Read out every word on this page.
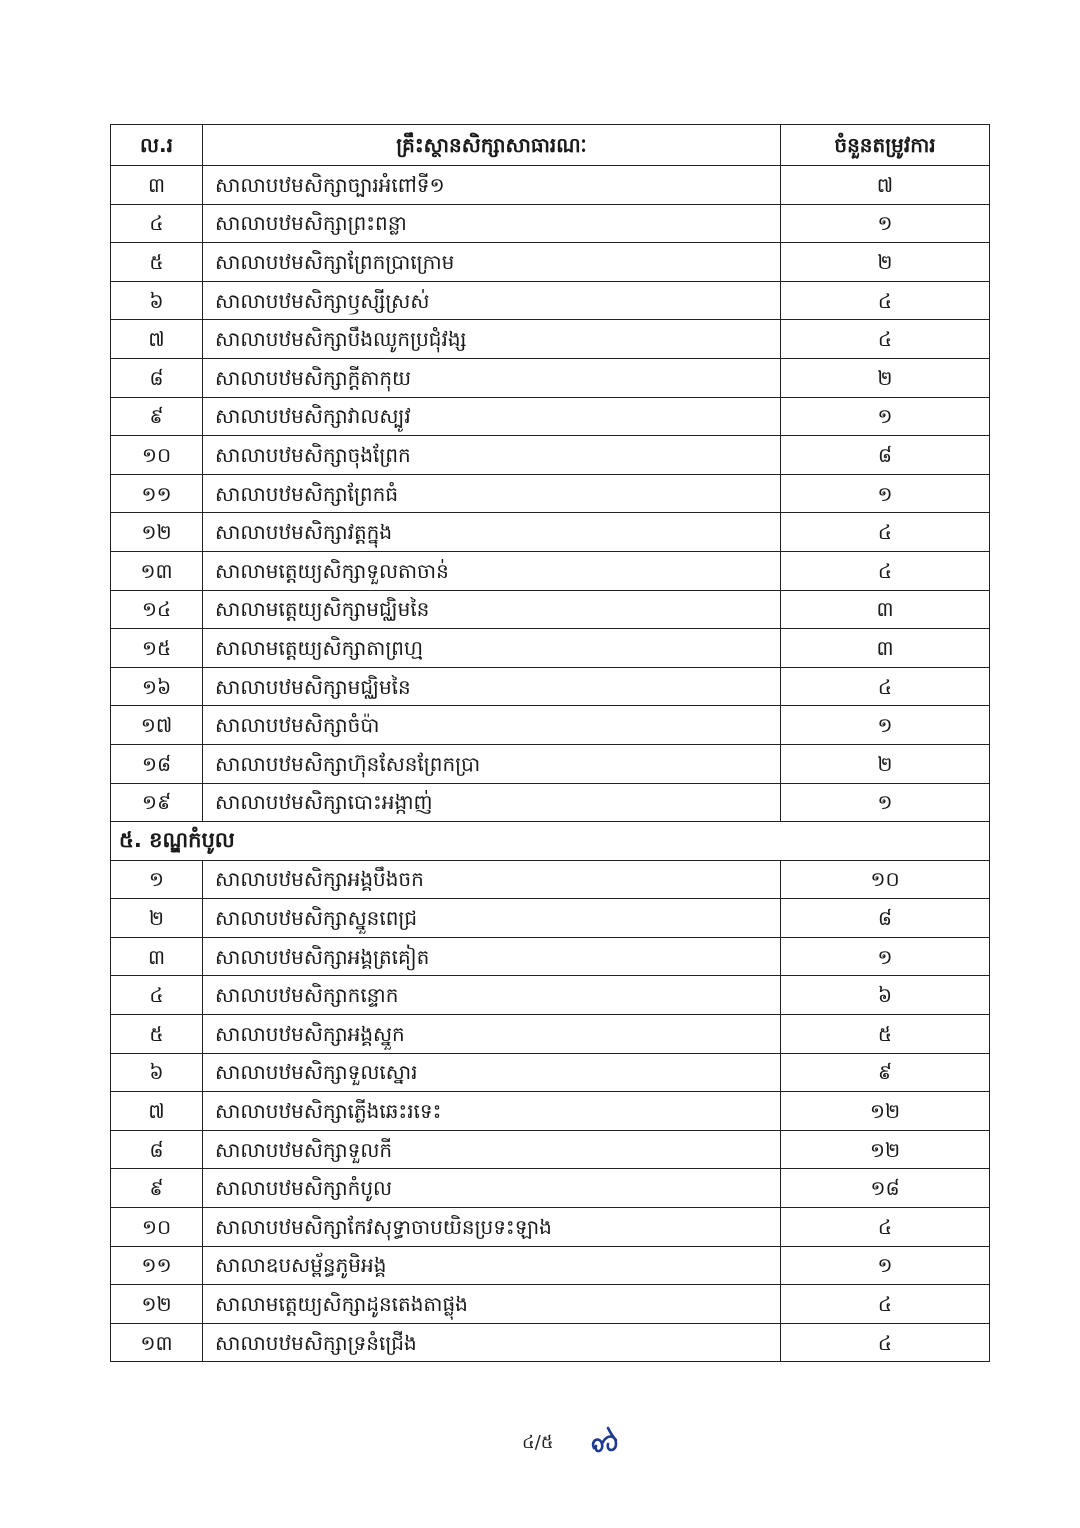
ល.រ	គ្រឹះស្ថានសិក្សាសាធារណៈ	ចំនួនតម្រូវការ
៣	សាលាបឋមសិក្សាច្បារអំពៅទី១	៧
៤	សាលាបឋមសិក្សាព្រះពន្លា	១
៥	សាលាបឋមសិក្សាព្រែកប្រាក្រោម	២
៦	សាលាបឋមសិក្សាឫស្សីស្រស់	៤
៧	សាលាបឋមសិក្សាបឹងឈូកប្រជុំវង្ស	៤
៨	សាលាបឋមសិក្សាក្តីតាកុយ	២
៩	សាលាបឋមសិក្សាវាលស្បូវ	១
១០	សាលាបឋមសិក្សាចុងព្រែក	៨
១១	សាលាបឋមសិក្សាព្រែកធំ	១
១២	សាលាបឋមសិក្សាវត្តក្នុង	៤
១៣	សាលាមត្តេយ្យសិក្សាទួលតាចាន់	៤
១៤	សាលាមត្តេយ្យសិក្សាមជ្ឈិមនៃ	៣
១៥	សាលាមត្តេយ្យសិក្សាតាព្រហ្ម	៣
១៦	សាលាបឋមសិក្សាមជ្ឈិមនៃ	៤
១៧	សាលាបឋមសិក្សាចំប៉ា	១
១៨	សាលាបឋមសិក្សាហ៊ុនសែនព្រែកប្រា	២
១៩	សាលាបឋមសិក្សាបោះអង្កាញ់	១
៥. ខណ្ឌកំបូល		
១	សាលាបឋមសិក្សាអង្គបឹងចក	១០
២	សាលាបឋមសិក្សាស្នួនពេជ្រ	៨
៣	សាលាបឋមសិក្សាអង្គត្រគៀត	១
៤	សាលាបឋមសិក្សាកន្ទោក	៦
៥	សាលាបឋមសិក្សាអង្គស្នួក	៥
៦	សាលាបឋមសិក្សាទួលស្នោរ	៩
៧	សាលាបឋមសិក្សាភ្លើងឆេះរទេះ	១២
៨	សាលាបឋមសិក្សាទួលកី	១២
៩	សាលាបឋមសិក្សាកំបូល	១៨
១០	សាលាបឋមសិក្សាកែវសុទ្ធាចាបយិនប្រទះឡាង	៤
១១	សាលាឧបសម្ព័ន្ធភូមិអង្គ	១
១២	សាលាមត្តេយ្យសិក្សាដូនតេងតាផ្លុង	៤
១៣	សាលាបឋមសិក្សាទ្រនំជ្រើង	៤
៤/៥
